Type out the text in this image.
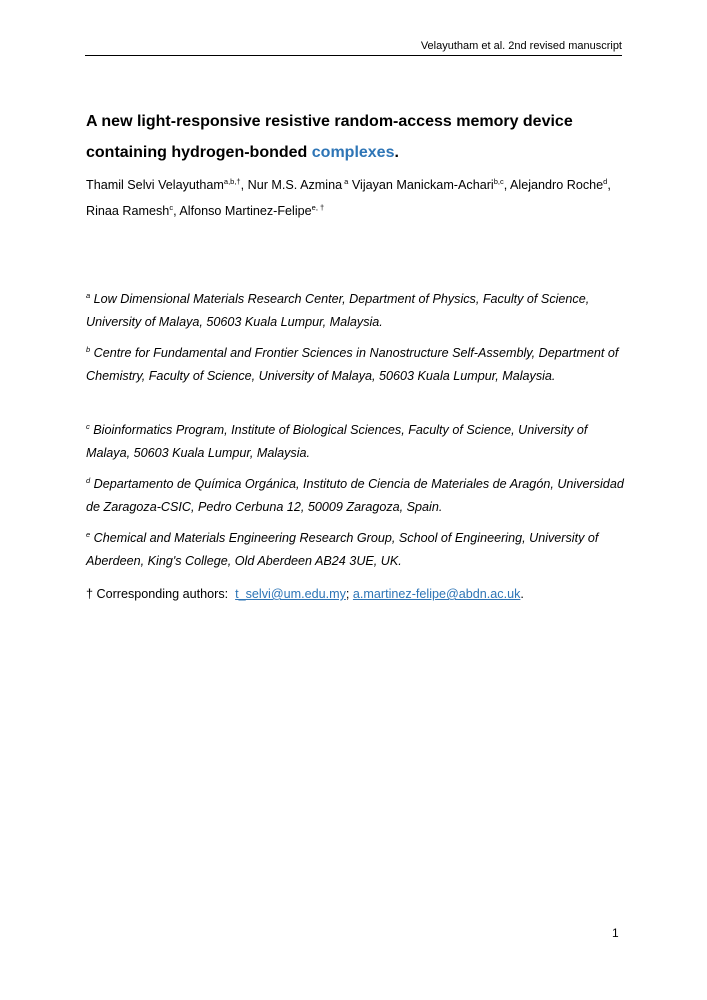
Velayutham et al. 2nd revised manuscript
A new light-responsive resistive random-access memory device containing hydrogen-bonded complexes.
Thamil Selvi Velayutham$^{a,b,\dagger}$, Nur M.S. Azmina $^a$ Vijayan Manickam-Achari$^{b,c}$, Alejandro Roche$^d$, Rinaa Ramesh$^c$, Alfonso Martinez-Felipe$^{e, \dagger}$
$^a$ Low Dimensional Materials Research Center, Department of Physics, Faculty of Science, University of Malaya, 50603 Kuala Lumpur, Malaysia.
$^b$ Centre for Fundamental and Frontier Sciences in Nanostructure Self-Assembly, Department of Chemistry, Faculty of Science, University of Malaya, 50603 Kuala Lumpur, Malaysia.
$^c$ Bioinformatics Program, Institute of Biological Sciences, Faculty of Science, University of Malaya, 50603 Kuala Lumpur, Malaysia.
$^d$ Departamento de Química Orgánica, Instituto de Ciencia de Materiales de Aragón, Universidad de Zaragoza-CSIC, Pedro Cerbuna 12, 50009 Zaragoza, Spain.
$^e$ Chemical and Materials Engineering Research Group, School of Engineering, University of Aberdeen, King's College, Old Aberdeen AB24 3UE, UK.
† Corresponding authors: t_selvi@um.edu.my; a.martinez-felipe@abdn.ac.uk.
1
